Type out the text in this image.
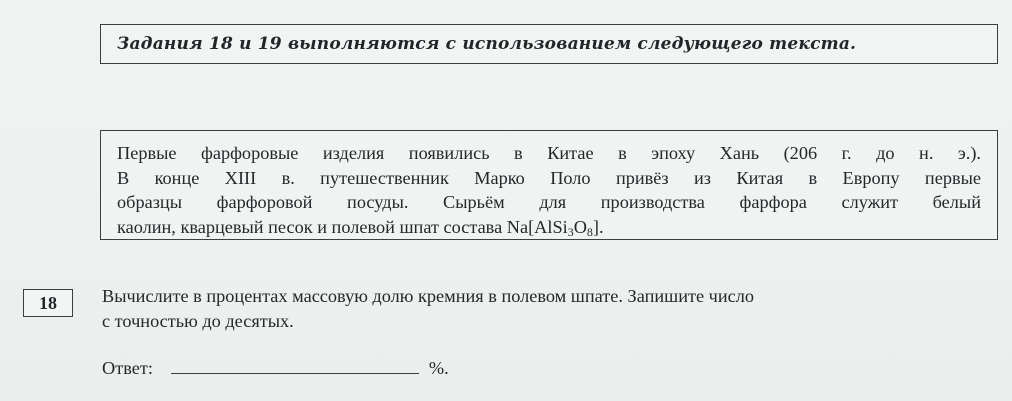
Задания 18 и 19 выполняются с использованием следующего текста.
Первые фарфоровые изделия появились в Китае в эпоху Хань (206 г. до н. э.).
В конце XIII в. путешественник Марко Поло привёз из Китая в Европу первые
образцы фарфоровой посуды. Сырьём для производства фарфора служит белый
каолин, кварцевый песок и полевой шпат состава $Na[AlSi_3O_8]$.
18	Вычислите в процентах массовую долю кремния в полевом шпате. Запишите число
с точностью до десятых.
Ответ:	%.
